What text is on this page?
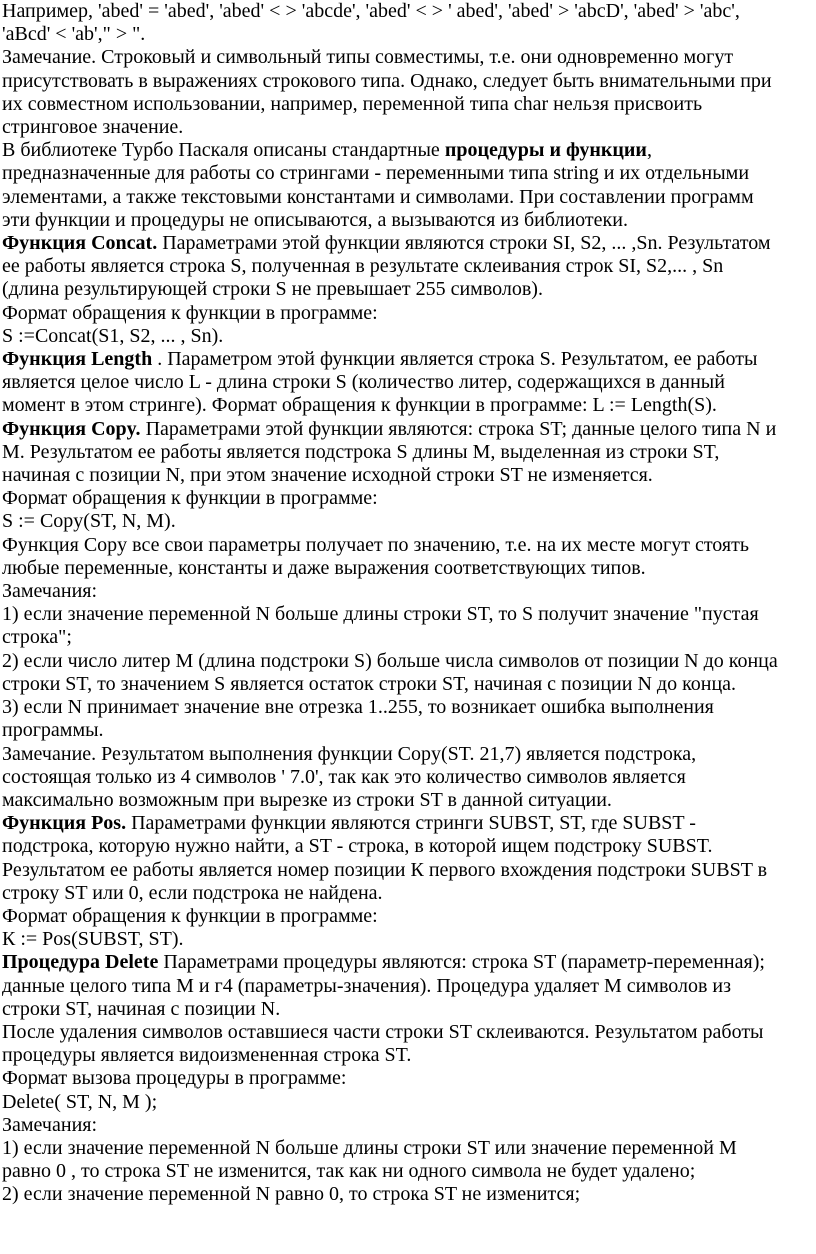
Например, 'abed' = 'abed', 'abed' < > 'abcde', 'abed' < > ' abed', 'abed' > 'abcD', 'abed' > 'abc',
'aBcd' < 'ab'," > ".
Замечание. Строковый и символьный типы совместимы, т.е. они одновременно могут
присутствовать в выражениях строкового типа. Однако, следует быть внимательными при
их совместном использовании, например, переменной типа char нельзя присвоить
стринговое значение.
В библиотеке Турбо Паскаля описаны стандартные процедуры и функции,
предназначенные для работы со стрингами - переменными типа string и их отдельными
элементами, а также текстовыми константами и символами. При составлении программ
эти функции и процедуры не описываются, а вызываются из библиотеки.
Функция Concat. Параметрами этой функции являются строки SI, S2, ... ,Sn. Результатом
ее работы является строка S, полученная в результате склеивания строк SI, S2,... , Sn
(длина результирующей строки S не превышает 255 символов).
Формат обращения к функции в программе:
S :=Concat(S1, S2, ... , Sn).
Функция Length . Параметром этой функции является строка S. Результатом, ее работы
является целое число L - длина строки S (количество литер, содержащихся в данный
момент в этом стринге). Формат обращения к функции в программе: L := Length(S).
Функция Copy. Параметрами этой функции являются: строка ST; данные целого типа N и
М. Результатом ее работы является подстрока S длины М, выделенная из строки ST,
начиная с позиции N, при этом значение исходной строки ST не изменяется.
Формат обращения к функции в программе:
S := Copy(ST, N, M).
Функция Copy все свои параметры получает по значению, т.е. на их месте могут стоять
любые переменные, константы и даже выражения соответствующих типов.
Замечания:
1) если значение переменной N больше длины строки ST, то S получит значение "пустая
строка";
2) если число литер М (длина подстроки S) больше числа символов от позиции N до конца
строки ST, то значением S является остаток строки ST, начиная с позиции N до конца.
3) если N принимает значение вне отрезка 1..255, то возникает ошибка выполнения
программы.
Замечание. Результатом выполнения функции Copy(ST. 21,7) является подстрока,
состоящая только из 4 символов ' 7.0', так как это количество символов является
максимально возможным при вырезке из строки ST в данной ситуации.
Функция Pos. Параметрами функции являются стринги SUBST, ST, где SUBST -
подстрока, которую нужно найти, а ST - строка, в которой ищем подстроку SUBST.
Результатом ее работы является номер позиции К первого вхождения подстроки SUBST в
строку ST или 0, если подстрока не найдена.
Формат обращения к функции в программе:
К := Pos(SUBST, ST).
Процедура Delete Параметрами процедуры являются: строка ST (параметр-переменная);
данные целого типа М и г4 (параметры-значения). Процедура удаляет М символов из
строки ST, начиная с позиции N.
После удаления символов оставшиеся части строки ST склеиваются. Результатом работы
процедуры является видоизмененная строка ST.
Формат вызова процедуры в программе:
Delete( ST, N, M );
Замечания:
1) если значение переменной N больше длины строки ST или значение переменной М
равно 0 , то строка ST не изменится, так как ни одного символа не будет удалено;
2) если значение переменной N равно 0, то строка ST не изменится;
